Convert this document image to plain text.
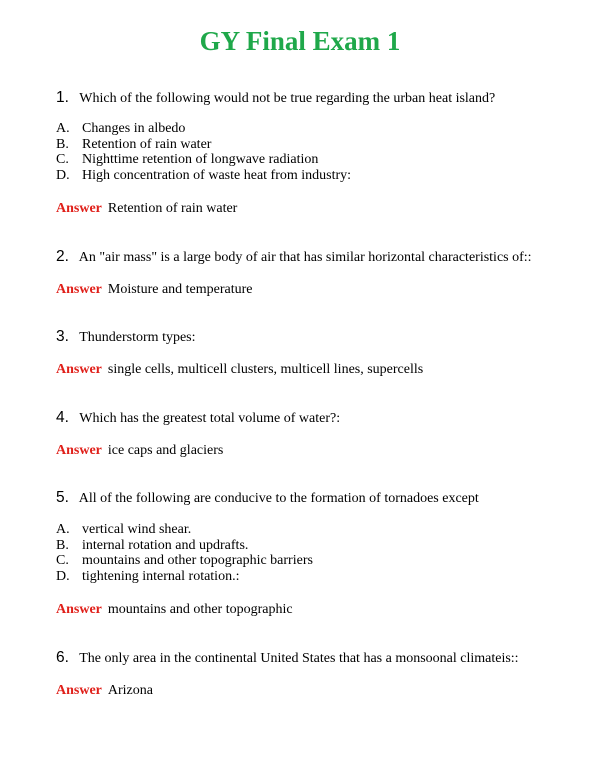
GY Final Exam 1
1. Which of the following would not be true regarding the urban heat island?
A. Changes in albedo
B. Retention of rain water
C. Nighttime retention of longwave radiation
D. High concentration of waste heat from industry:
Answer Retention of rain water
2. An "air mass" is a large body of air that has similar horizontal characteristics of::
Answer Moisture and temperature
3. Thunderstorm types:
Answer single cells, multicell clusters, multicell lines, supercells
4. Which has the greatest total volume of water?:
Answer ice caps and glaciers
5. All of the following are conducive to the formation of tornadoes except
A. vertical wind shear.
B. internal rotation and updrafts.
C. mountains and other topographic barriers
D. tightening internal rotation.:
Answer mountains and other topographic
6. The only area in the continental United States that has a monsoonal climateis::
Answer Arizona
